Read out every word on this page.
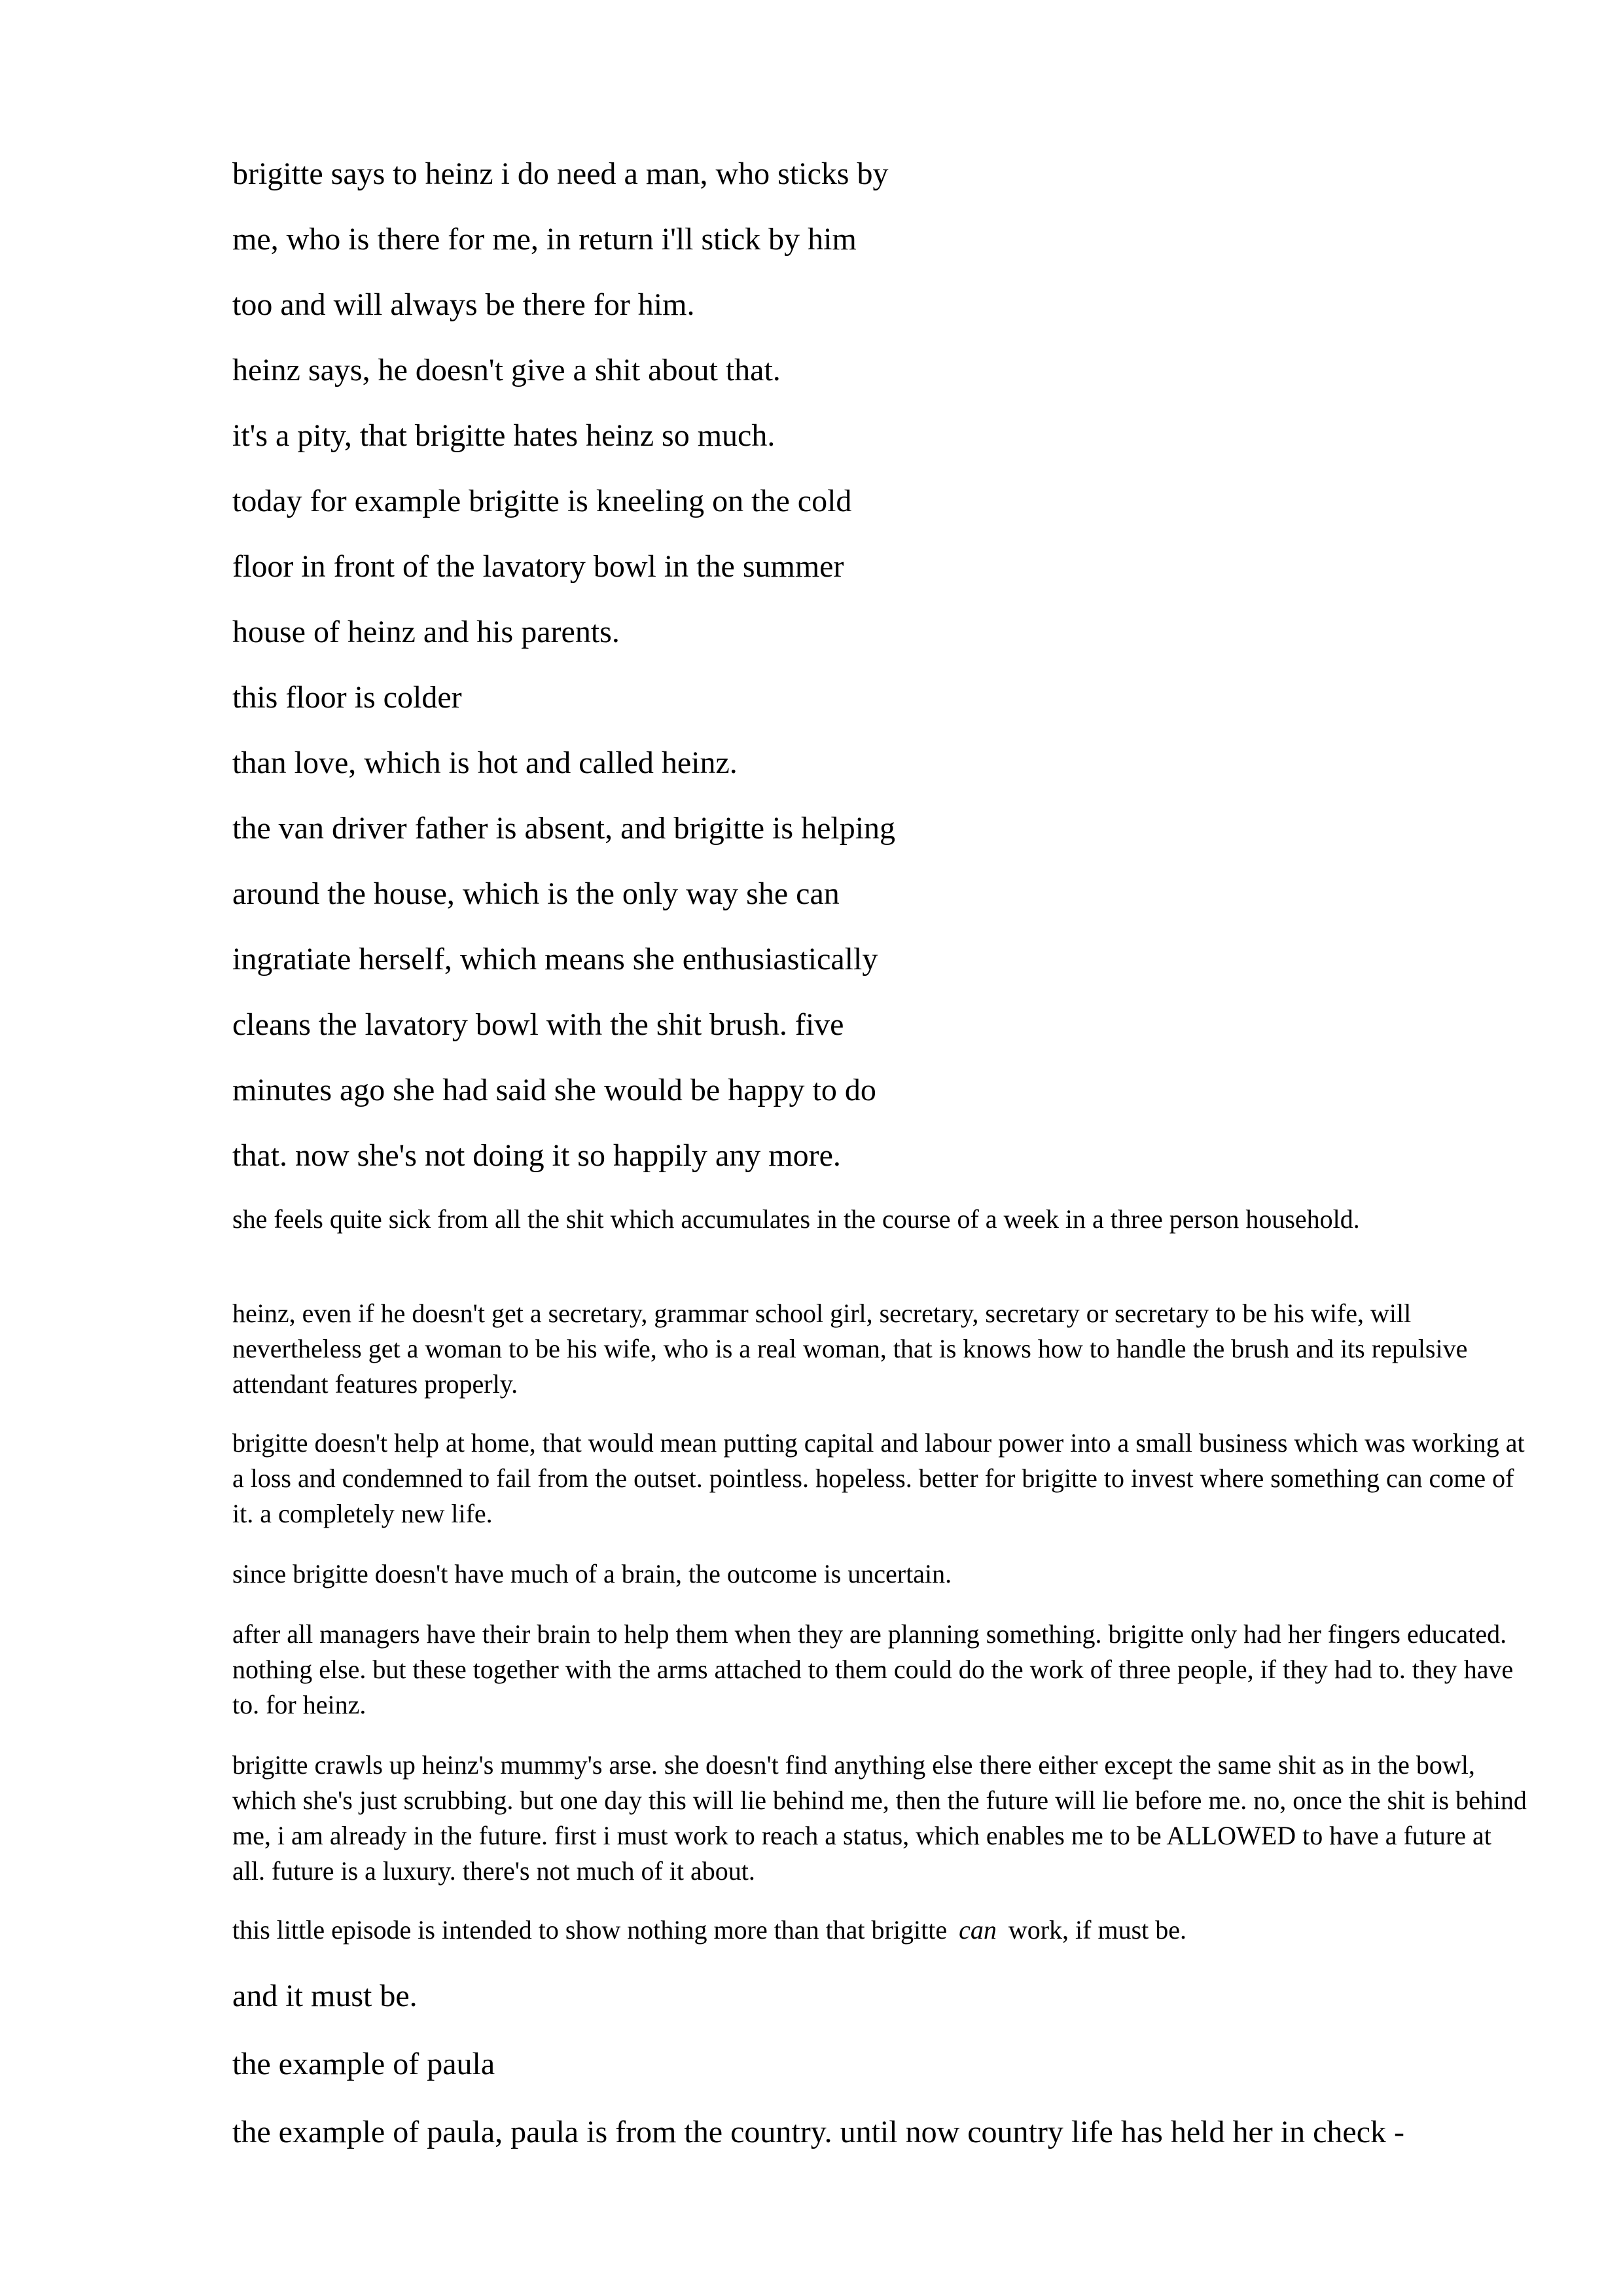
brigitte says to heinz i do need a man, who sticks by

me, who is there for me, in return i'll stick by him

too and will always be there for him.

heinz says, he doesn't give a shit about that.

it's a pity, that brigitte hates heinz so much.

today for example brigitte is kneeling on the cold

floor in front of the lavatory bowl in the summer

house of heinz and his parents.

this floor is colder

than love, which is hot and called heinz.

the van driver father is absent, and brigitte is helping

around the house, which is the only way she can

ingratiate herself, which means she enthusiastically

cleans the lavatory bowl with the shit brush. five

minutes ago she had said she would be happy to do

that. now she's not doing it so happily any more.

she feels quite sick from all the shit which accumulates in the course of a week in a three person household.

heinz, even if he doesn't get a secretary, grammar school girl, secretary, secretary or secretary to be his wife, will nevertheless get a woman to be his wife, who is a real woman, that is knows how to handle the brush and its repulsive attendant features properly.

brigitte doesn't help at home, that would mean putting capital and labour power into a small business which was working at a loss and condemned to fail from the outset. pointless. hopeless. better for brigitte to invest where something can come of it. a completely new life.

since brigitte doesn't have much of a brain, the outcome is uncertain.

after all managers have their brain to help them when they are planning something. brigitte only had her fingers educated. nothing else. but these together with the arms attached to them could do the work of three people, if they had to. they have to. for heinz.

brigitte crawls up heinz's mummy's arse. she doesn't find anything else there either except the same shit as in the bowl, which she's just scrubbing. but one day this will lie behind me, then the future will lie before me. no, once the shit is behind me, i am already in the future. first i must work to reach a status, which enables me to be ALLOWED to have a future at all. future is a luxury. there's not much of it about.

this little episode is intended to show nothing more than that brigitte can work, if must be.

and it must be.

the example of paula

the example of paula, paula is from the country. until now country life has held her in check -
